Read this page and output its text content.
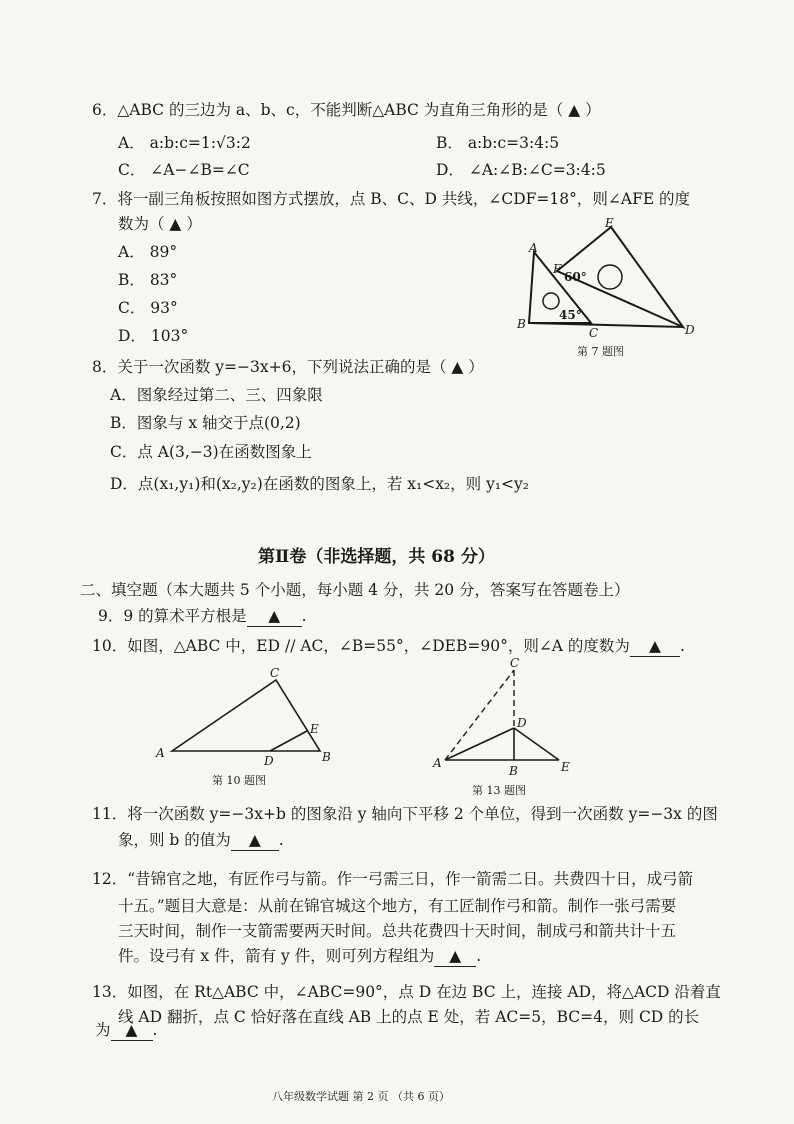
6．△ABC 的三边为 a、b、c，不能判断△ABC 为直角三角形的是（ ▲ ）
A． a:b:c=1:√3:2	B． a:b:c=3:4:5
C． ∠A−∠B=∠C	D． ∠A:∠B:∠C=3:4:5
7．将一副三角板按照如图方式摆放，点 B、C、D 共线，∠CDF=18°，则∠AFE 的度
数为（ ▲ ）
A． 89°
B． 83°
C． 93°
D． 103°
A
B
C	D
E
F
60°
45°
第 7 题图
8．关于一次函数 y=−3x+6，下列说法正确的是（ ▲ ）
A．图象经过第二、三、四象限
B．图象与 x 轴交于点(0,2)
C．点 A(3,−3)在函数图象上
D．点(x₁,y₁)和(x₂,y₂)在函数的图象上，若 x₁<x₂，则 y₁<y₂
第Ⅱ卷（非选择题，共 68 分）
二、填空题（本大题共 5 个小题，每小题 4 分，共 20 分，答案写在答题卷上）
9．9 的算术平方根是 ▲ .
10．如图，△ABC 中，ED // AC，∠B=55°，∠DEB=90°，则∠A 的度数为 ▲ .
A	B
C
D
E
第 10 题图
A
B
C
D
E
第 13 题图
11．将一次函数 y=−3x+b 的图象沿 y 轴向下平移 2 个单位，得到一次函数 y=−3x 的图
象，则 b 的值为 ▲ .
12．“昔锦官之地，有匠作弓与箭。作一弓需三日，作一箭需二日。共费四十日，成弓箭
十五。”题目大意是：从前在锦官城这个地方，有工匠制作弓和箭。制作一张弓需要
三天时间，制作一支箭需要两天时间。总共花费四十天时间，制成弓和箭共计十五
件。设弓有 x 件，箭有 y 件，则可列方程组为 ▲ .
13．如图，在 Rt△ABC 中，∠ABC=90°，点 D 在边 BC 上，连接 AD，将△ACD 沿着直
线 AD 翻折，点 C 恰好落在直线 AB 上的点 E 处，若 AC=5，BC=4，则 CD 的长
为 ▲ .
八年级数学试题 第 2 页 （共 6 页）
